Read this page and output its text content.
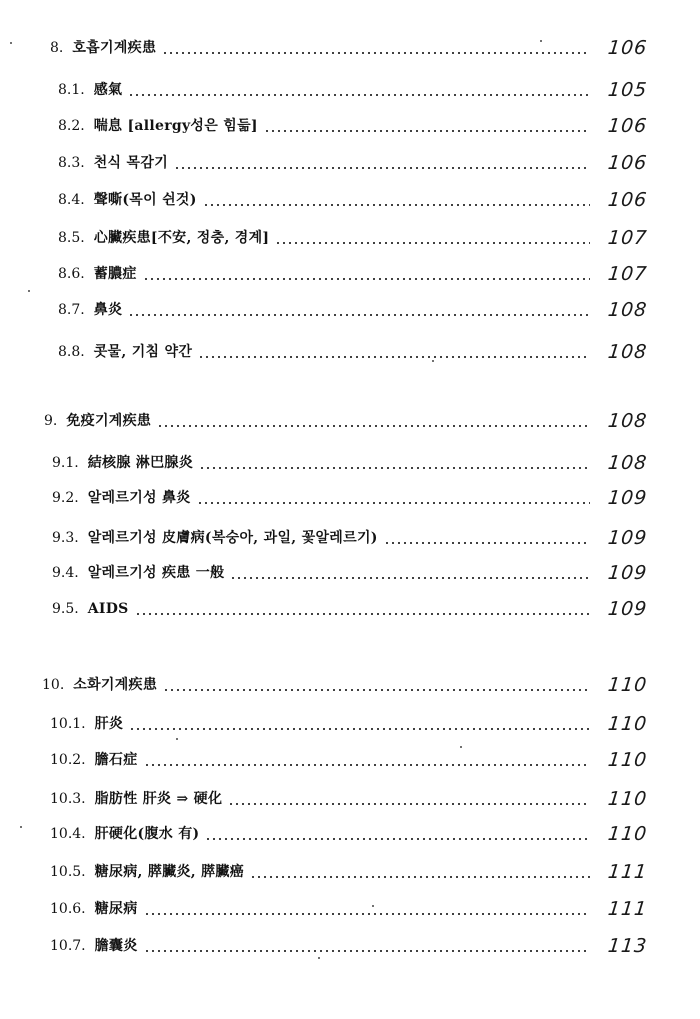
8. 호흡기계疾患	106
8.1. 感氣	105
8.2. 喘息 [allergy성은 힘듦]	106
8.3. 천식 목감기	106
8.4. 聲嘶(목이 쉰것)	106
8.5. 心臟疾患[不安, 정충, 경계]	107
8.6. 蓄膿症	107
8.7. 鼻炎	108
8.8. 콧물, 기침 약간	108
9. 免疫기계疾患	108
9.1. 結核腺 淋巴腺炎	108
9.2. 알레르기성 鼻炎	109
9.3. 알레르기성 皮膚病(복숭아, 과일, 꽃알레르기)	109
9.4. 알레르기성 疾患 一般	109
9.5. AIDS	109
10. 소화기계疾患	110
10.1. 肝炎	110
10.2. 膽石症	110
10.3. 脂肪性 肝炎 ⇒ 硬化	110
10.4. 肝硬化(腹水 有)	110
10.5. 糖尿病, 膵臟炎, 膵臟癌	111
10.6. 糖尿病	111
10.7. 膽囊炎	113
